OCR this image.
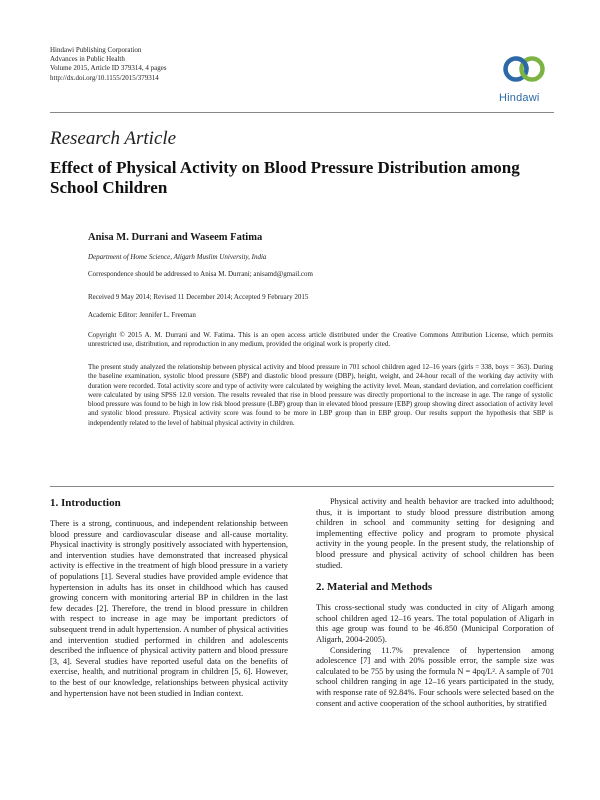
Hindawi Publishing Corporation
Advances in Public Health
Volume 2015, Article ID 379314, 4 pages
http://dx.doi.org/10.1155/2015/379314
Hindawi
Research Article
Effect of Physical Activity on Blood Pressure Distribution among School Children
Anisa M. Durrani and Waseem Fatima
Department of Home Science, Aligarh Muslim University, India
Correspondence should be addressed to Anisa M. Durrani; anisamd@gmail.com
Received 9 May 2014; Revised 11 December 2014; Accepted 9 February 2015
Academic Editor: Jennifer L. Freeman
Copyright © 2015 A. M. Durrani and W. Fatima. This is an open access article distributed under the Creative Commons Attribution License, which permits unrestricted use, distribution, and reproduction in any medium, provided the original work is properly cited.
The present study analyzed the relationship between physical activity and blood pressure in 701 school children aged 12–16 years (girls = 338, boys = 363). During the baseline examination, systolic blood pressure (SBP) and diastolic blood pressure (DBP), height, weight, and 24-hour recall of the working day activity with duration were recorded. Total activity score and type of activity were calculated by weighing the activity level. Mean, standard deviation, and correlation coefficient were calculated by using SPSS 12.0 version. The results revealed that rise in blood pressure was directly proportional to the increase in age. The range of systolic blood pressure was found to be high in low risk blood pressure (LBP) group than in elevated blood pressure (EBP) group showing direct association of activity level and systolic blood pressure. Physical activity score was found to be more in LBP group than in EBP group. Our results support the hypothesis that SBP is independently related to the level of habitual physical activity in children.
1. Introduction

There is a strong, continuous, and independent relationship between blood pressure and cardiovascular disease and all-cause mortality. Physical inactivity is strongly positively associated with hypertension, and intervention studies have demonstrated that increased physical activity is effective in the treatment of high blood pressure in a variety of populations [1]. Several studies have provided ample evidence that hypertension in adults has its onset in childhood which has caused growing concern with monitoring arterial BP in children in the last few decades [2]. Therefore, the trend in blood pressure in children with respect to increase in age may be important predictors of subsequent trend in adult hypertension. A number of physical activities and intervention studied performed in children and adolescents described the influence of physical activity pattern and blood pressure [3, 4]. Several studies have reported useful data on the benefits of exercise, health, and nutritional program in children [5, 6]. However, to the best of our knowledge, relationships between physical activity and hypertension have not been studied in Indian context.

Physical activity and health behavior are tracked into adulthood; thus, it is important to study blood pressure distribution among children in school and community setting for designing and implementing effective policy and program to promote physical activity in the young people. In the present study, the relationship of blood pressure and physical activity of school children has been studied.

2. Material and Methods

This cross-sectional study was conducted in city of Aligarh among school children aged 12–16 years. The total population of Aligarh in this age group was found to be 46.850 (Municipal Corporation of Aligarh, 2004-2005).

Considering 11.7% prevalence of hypertension among adolescence [7] and with 20% possible error, the sample size was calculated to be 755 by using the formula N = 4pq/L². A sample of 701 school children ranging in age 12–16 years participated in the study, with response rate of 92.84%. Four schools were selected based on the consent and active cooperation of the school authorities, by stratified
